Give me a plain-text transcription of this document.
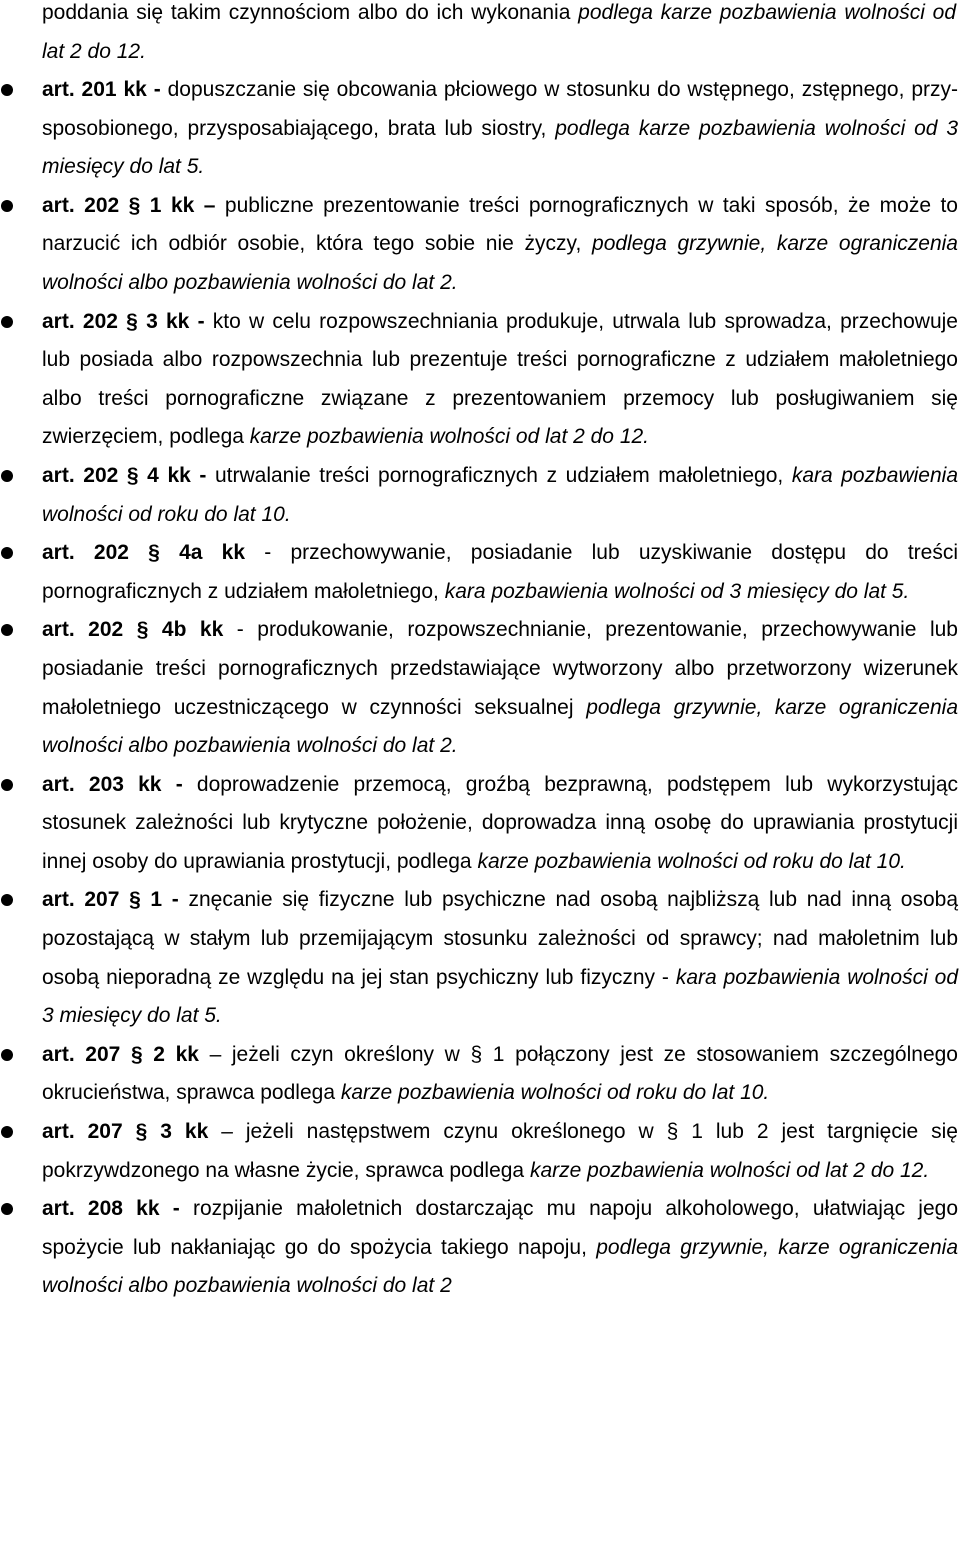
poddania się takim czynnościom albo do ich wykonania podlega karze pozbawienia wolności od lat 2 do 12.

art. 201 kk - dopuszczanie się obcowania płciowego w stosunku do wstępnego, zstępnego, przy-sposobionego, przysposabiającego, brata lub siostry, podlega karze pozbawienia wolności od 3 miesięcy do lat 5.
art. 202 § 1 kk – publiczne prezentowanie treści pornograficznych w taki sposób, że może to narzucić ich odbiór osobie, która tego sobie nie życzy, podlega grzywnie, karze ograniczenia wolności albo pozbawienia wolności do lat 2.
art. 202 § 3 kk - kto w celu rozpowszechniania produkuje, utrwala lub sprowadza, przechowuje lub posiada albo rozpowszechnia lub prezentuje treści pornograficzne z udziałem małoletniego albo treści pornograficzne związane z prezentowaniem przemocy lub posługiwaniem się zwierzęciem, podlega karze pozbawienia wolności od lat 2 do 12.
art. 202 § 4 kk - utrwalanie treści pornograficznych z udziałem małoletniego, kara pozbawienia wolności od roku do lat 10.
art. 202 § 4a kk - przechowywanie, posiadanie lub uzyskiwanie dostępu do treści pornograficznych z udziałem małoletniego, kara pozbawienia wolności od 3 miesięcy do lat 5.
art. 202 § 4b kk - produkowanie, rozpowszechnianie, prezentowanie, przechowywanie lub posiadanie treści pornograficznych przedstawiające wytworzony albo przetworzony wizerunek małoletniego uczestniczącego w czynności seksualnej podlega grzywnie, karze ograniczenia wolności albo pozbawienia wolności do lat 2.
art. 203 kk - doprowadzenie przemocą, groźbą bezprawną, podstępem lub wykorzystując stosunek zależności lub krytyczne położenie, doprowadza inną osobę do uprawiania prostytucji innej osoby do uprawiania prostytucji, podlega karze pozbawienia wolności od roku do lat 10.
art. 207 § 1 - znęcanie się fizyczne lub psychiczne nad osobą najbliższą lub nad inną osobą pozostającą w stałym lub przemijającym stosunku zależności od sprawcy; nad małoletnim lub osobą nieporadną ze względu na jej stan psychiczny lub fizyczny - kara pozbawienia wolności od 3 miesięcy do lat 5.
art. 207 § 2 kk – jeżeli czyn określony w § 1 połączony jest ze stosowaniem szczególnego okrucieństwa, sprawca podlega karze pozbawienia wolności od roku do lat 10.
art. 207 § 3 kk – jeżeli następstwem czynu określonego w § 1 lub 2 jest targnięcie się pokrzywdzonego na własne życie, sprawca podlega karze pozbawienia wolności od lat 2 do 12.
art. 208 kk - rozpijanie małoletnich dostarczając mu napoju alkoholowego, ułatwiając jego spożycie lub nakłaniając go do spożycia takiego napoju, podlega grzywnie, karze ograniczenia wolności albo pozbawienia wolności do lat 2
